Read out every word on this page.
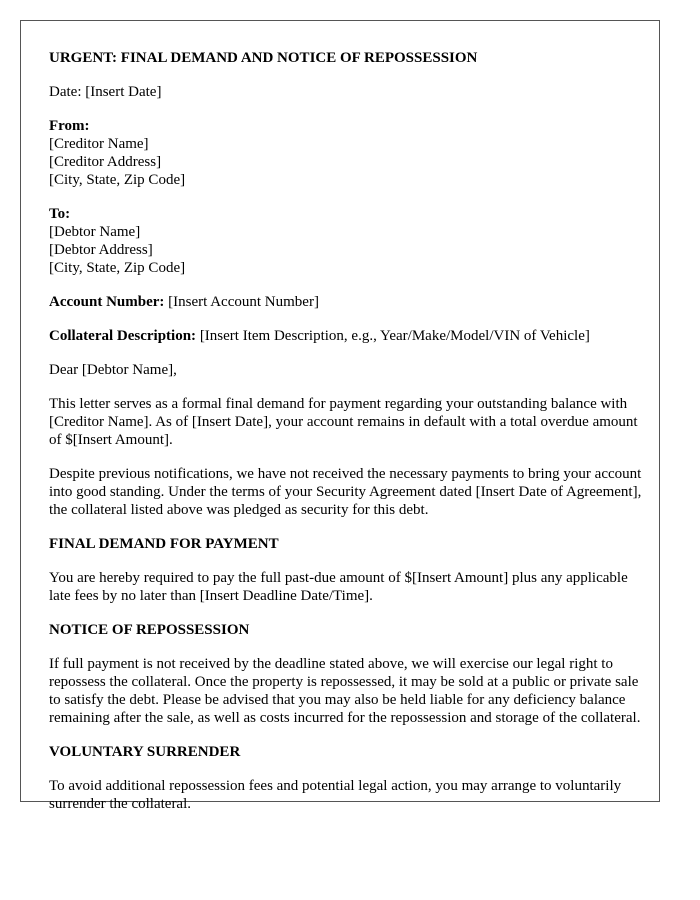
URGENT: FINAL DEMAND AND NOTICE OF REPOSSESSION

Date: [Insert Date]

From:
[Creditor Name]
[Creditor Address]
[City, State, Zip Code]
To:
[Debtor Name]
[Debtor Address]
[City, State, Zip Code]

Account Number: [Insert Account Number]

Collateral Description: [Insert Item Description, e.g., Year/Make/Model/VIN of Vehicle]

Dear [Debtor Name],

This letter serves as a formal final demand for payment regarding your outstanding balance with [Creditor Name]. As of [Insert Date], your account remains in default with a total overdue amount of $[Insert Amount].

Despite previous notifications, we have not received the necessary payments to bring your account into good standing. Under the terms of your Security Agreement dated [Insert Date of Agreement], the collateral listed above was pledged as security for this debt.

FINAL DEMAND FOR PAYMENT

You are hereby required to pay the full past-due amount of $[Insert Amount] plus any applicable late fees by no later than [Insert Deadline Date/Time].

NOTICE OF REPOSSESSION

If full payment is not received by the deadline stated above, we will exercise our legal right to repossess the collateral. Once the property is repossessed, it may be sold at a public or private sale to satisfy the debt. Please be advised that you may also be held liable for any deficiency balance remaining after the sale, as well as costs incurred for the repossession and storage of the collateral.

VOLUNTARY SURRENDER

To avoid additional repossession fees and potential legal action, you may arrange to voluntarily surrender the collateral.
